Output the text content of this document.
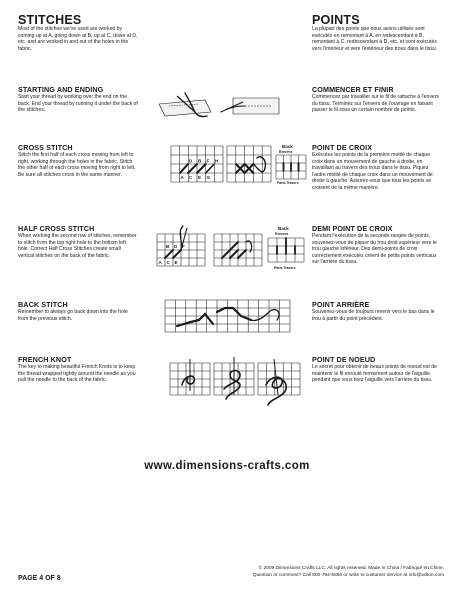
STITCHES
Most of the stitches we've used are worked by coming up at A, going down at B, up at C, down at D, etc. and are worked in and out of the holes in the fabric.
STARTING AND ENDING
Start your thread by working over the end on the back. End your thread by running it under the back of the stitches.
CROSS STITCH
Stitch the first half of each cross moving from left to right, working through the holes in the fabric. Stitch the other half of each cross moving from right to left. Be sure all stitches cross in the same manner.
HALF CROSS STITCH
When working the second row of stitches, remember to stitch from the top right hole to the bottom left hole. Correct Half Cross Stitches create small vertical stitches on the back of the fabric.
BACK STITCH
Remember to always go back down into the hole from the previous stitch.
FRENCH KNOT
The key to making beautiful French Knots is to keep the thread wrapped tightly around the needle as you pull the needle to the back of the fabric.
POINTS
La plupart des points que nous avons utilisés sont exécutés en remontant à A, en redescendant à B, remontant à C, redescendant à D, etc. et sont exécutés vers l'intérieur et vers l'extérieur des trous dans le tissu.
COMMENCER ET FINIR
Commencez par travailler sur le fil de rattache à l'envers du tissu. Terminez sur l'envers de l'ouvrage en faisant passer le fil sous un certain nombre de points.
POINT DE CROIX
Exécutez les points de la première moitié de chaque croix dans un mouvement de gauche à droite, en travaillant au travers des trous dans le tissu. Piquez l'autre moitié de chaque croix dans un mouvement de droite à gauche. Assurez-vous que tous les points se croisent de la même manière.
DEMI POINT DE CROIX
Pendant l'exécution de la seconde rangée de points, souvenez-vous de piquer du trou droit supérieur vers le trou gauche inférieur. Des demi-points de croix correctement exécutés créent de petits points verticaux sur l'arrière du tissu.
POINT ARRIÈRE
Souvenez-vous de toujours revenir vers le bas dans le trou à partir du point précédent.
POINT DE NOEUD
Le secret pour obtenir de beaux points de noeud est de maintenir le fil enroulé fermement autour de l'aiguille pendant que vous tirez l'aiguille vers l'arrière du tissu.
D B F H
A C E G
Back
Envers
Parts Travers
B D F
A C E
Back
Envers
Parts Travers
www.dimensions-crafts.com
PAGE 4 OF 8
© 2009 Dimensions Crafts LLC. All rights reserved. Made in China / Fabriqué en Chine.
Question or comment? Call 800-794-5866 or write to customer service at info@wilton.com
